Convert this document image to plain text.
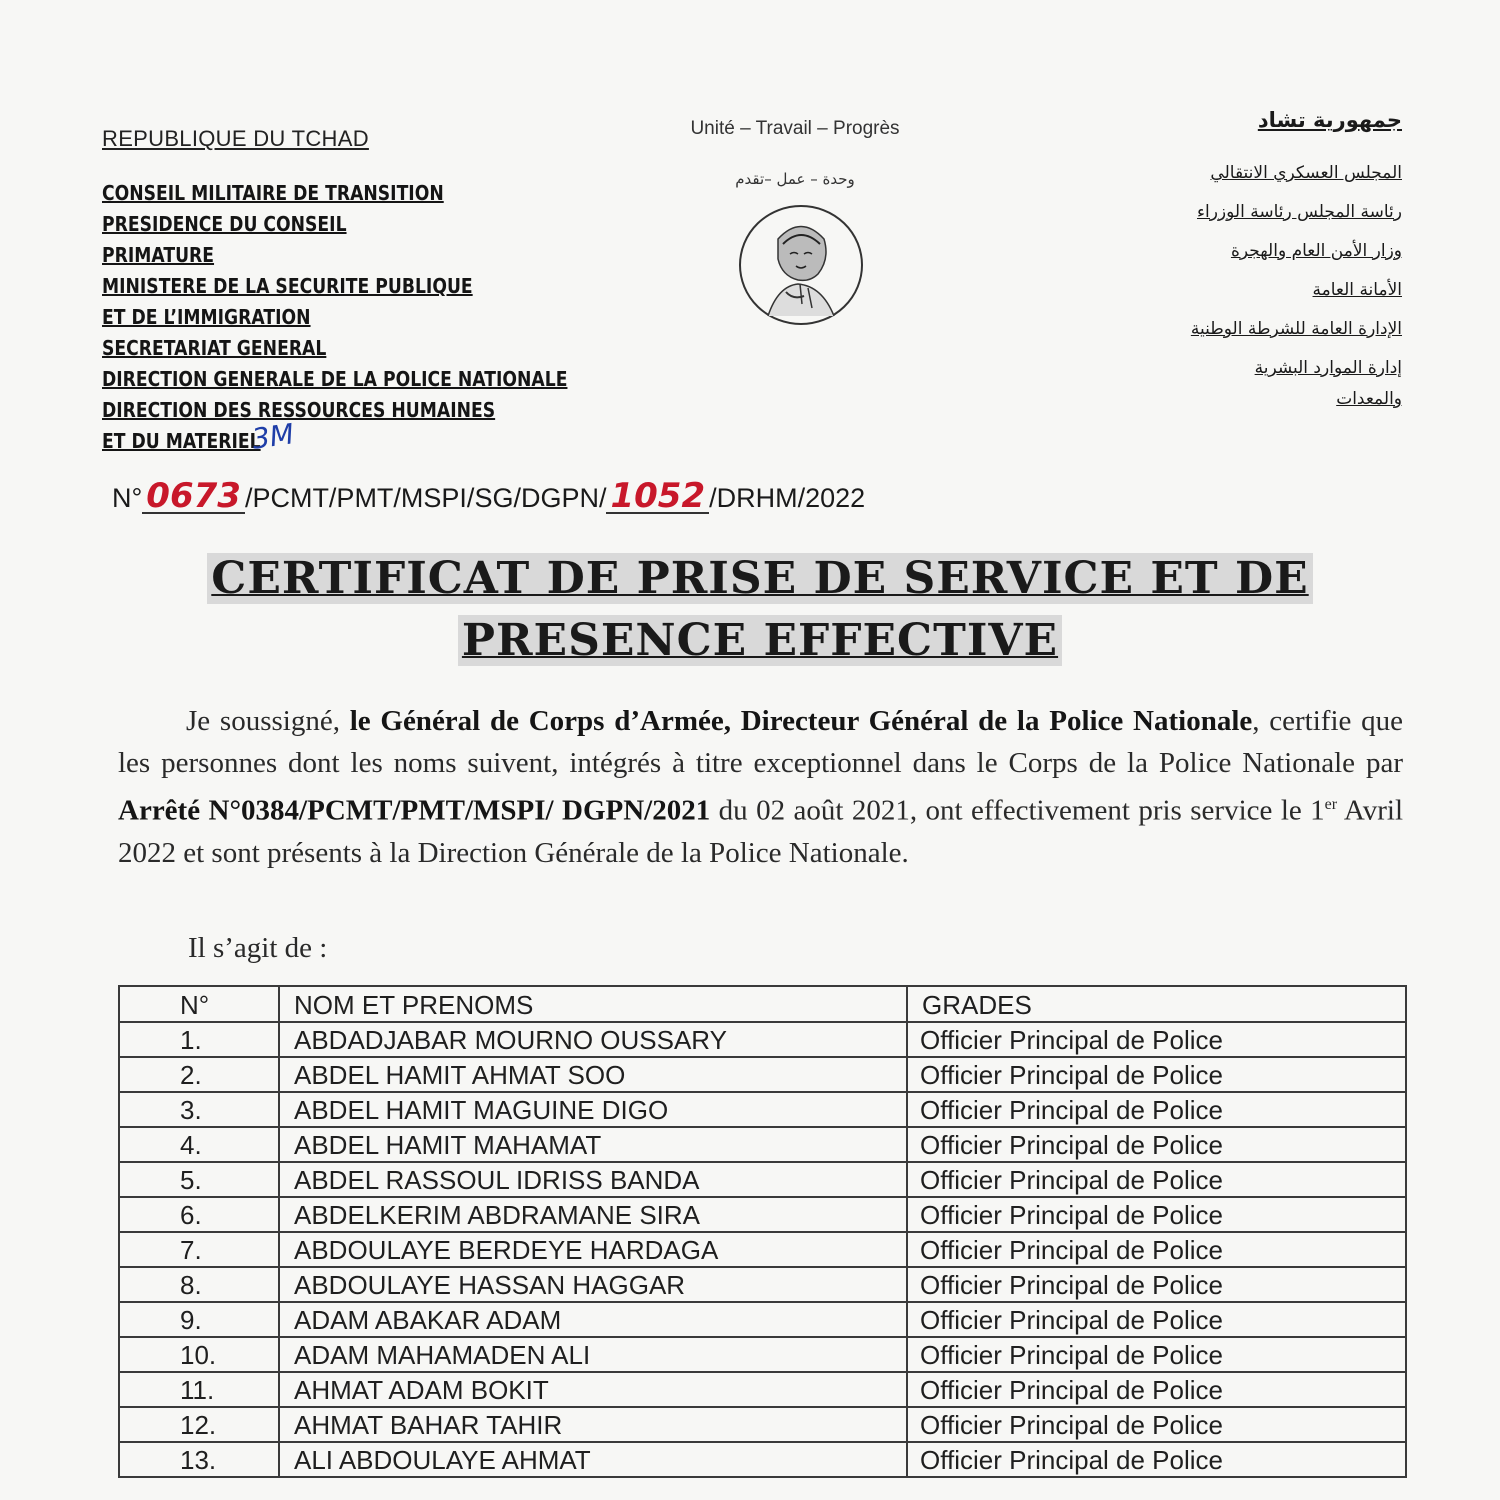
REPUBLIQUE DU TCHAD
CONSEIL MILITAIRE DE TRANSITION
PRESIDENCE DU CONSEIL
PRIMATURE
MINISTERE DE LA SECURITE PUBLIQUE
ET DE L’IMMIGRATION
SECRETARIAT GENERAL
DIRECTION GENERALE DE LA POLICE NATIONALE
DIRECTION DES RESSOURCES HUMAINES
ET DU MATERIEL
3M
Unité – Travail – Progrès
وحدة – عمل –تقدم
جمهورية تشاد
المجلس العسكري الانتقالي
رئاسة المجلس رئاسة الوزراء
وزار الأمن العام والهجرة
الأمانة العامة
الإدارة العامة للشرطة الوطنية
إدارة الموارد البشرية
والمعدات
N° 0673 /PCMT/PMT/MSPI/SG/DGPN/ 1052 /DRHM/2022
CERTIFICAT DE PRISE DE SERVICE ET DE
PRESENCE EFFECTIVE
Je soussigné, le Général de Corps d’Armée, Directeur Général de la Police Nationale, certifie que les personnes dont les noms suivent, intégrés à titre exceptionnel dans le Corps de la Police Nationale par Arrêté N°0384/PCMT/PMT/MSPI/ DGPN/2021 du 02 août 2021, ont effectivement pris service le 1er Avril 2022 et sont présents à la Direction Générale de la Police Nationale.
Il s’agit de :
N°	NOM ET PRENOMS	GRADES
1.	ABDADJABAR MOURNO OUSSARY	Officier Principal de Police
2.	ABDEL HAMIT AHMAT SOO	Officier Principal de Police
3.	ABDEL HAMIT MAGUINE DIGO	Officier Principal de Police
4.	ABDEL HAMIT MAHAMAT	Officier Principal de Police
5.	ABDEL RASSOUL IDRISS BANDA	Officier Principal de Police
6.	ABDELKERIM ABDRAMANE SIRA	Officier Principal de Police
7.	ABDOULAYE BERDEYE HARDAGA	Officier Principal de Police
8.	ABDOULAYE HASSAN HAGGAR	Officier Principal de Police
9.	ADAM ABAKAR ADAM	Officier Principal de Police
10.	ADAM MAHAMADEN ALI	Officier Principal de Police
11.	AHMAT ADAM BOKIT	Officier Principal de Police
12.	AHMAT BAHAR TAHIR	Officier Principal de Police
13.	ALI ABDOULAYE AHMAT	Officier Principal de Police
